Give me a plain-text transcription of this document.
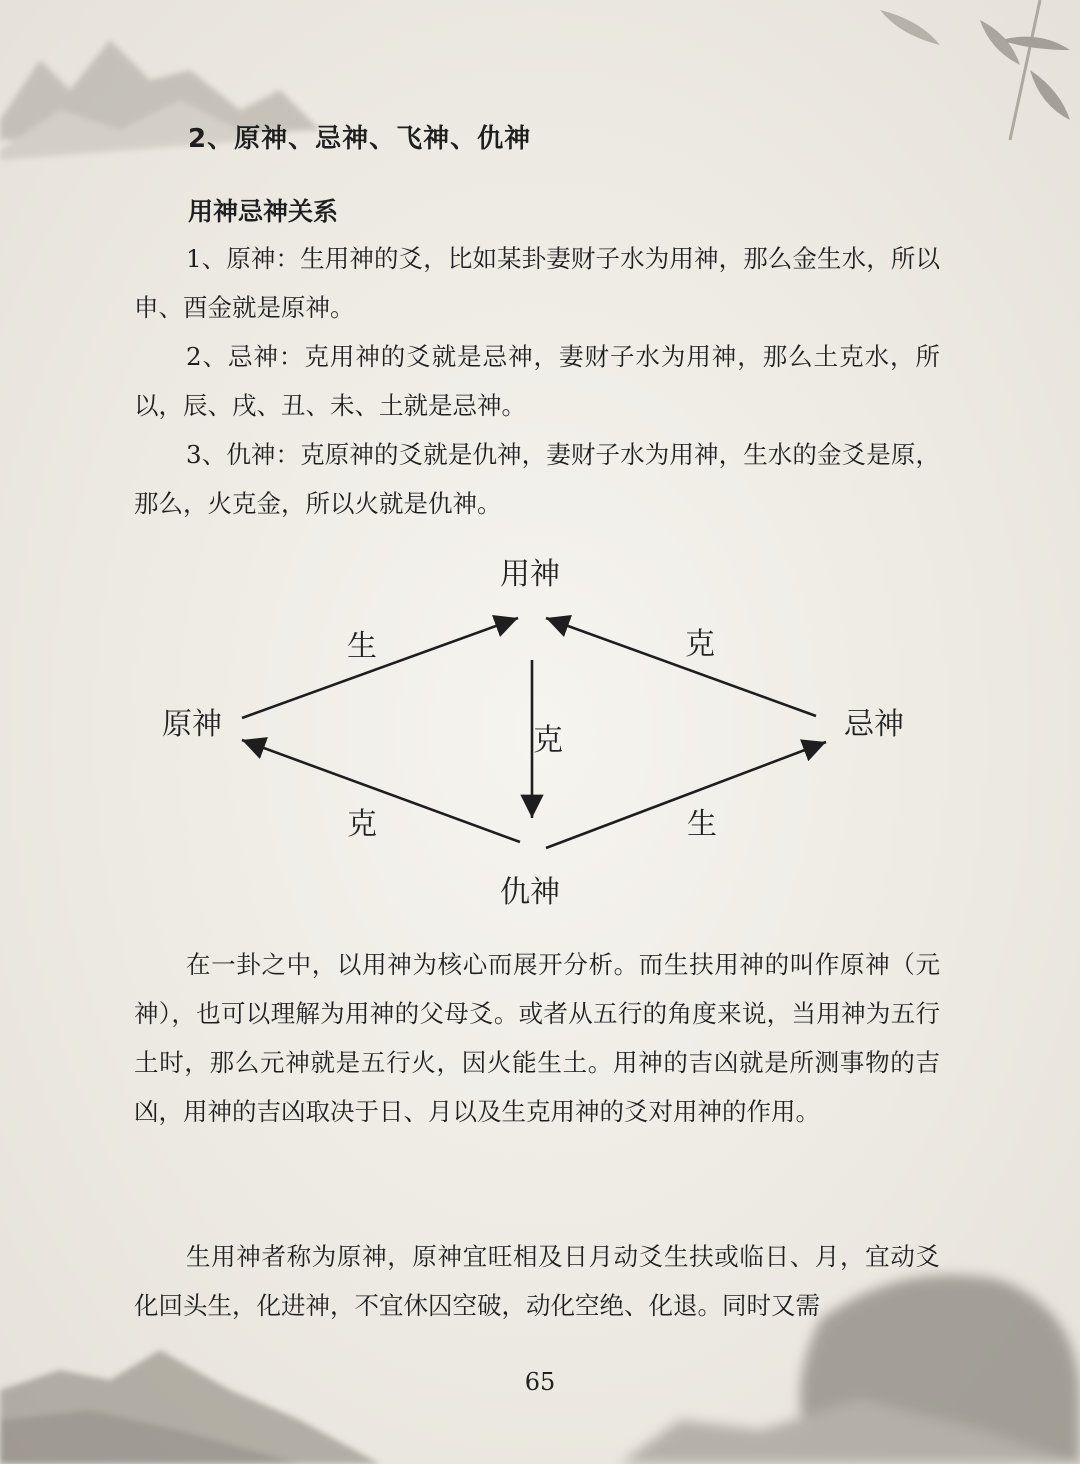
2、原神、忌神、飞神、仇神
用神忌神关系

1、原神：生用神的爻，比如某卦妻财子水为用神，那么金生水，所以申、酉金就是原神。

2、忌神：克用神的爻就是忌神，妻财子水为用神，那么土克水，所以，辰、戌、丑、未、土就是忌神。

3、仇神：克原神的爻就是仇神，妻财子水为用神，生水的金爻是原，那么，火克金，所以火就是仇神。

用神
原神	忌神
仇神
生	克
克
克	生

在一卦之中，以用神为核心而展开分析。而生扶用神的叫作原神（元神），也可以理解为用神的父母爻。或者从五行的角度来说，当用神为五行土时，那么元神就是五行火，因火能生土。用神的吉凶就是所测事物的吉凶，用神的吉凶取决于日、月以及生克用神的爻对用神的作用。

生用神者称为原神，原神宜旺相及日月动爻生扶或临日、月，宜动爻化回头生，化进神，不宜休囚空破，动化空绝、化退。同时又需

65
